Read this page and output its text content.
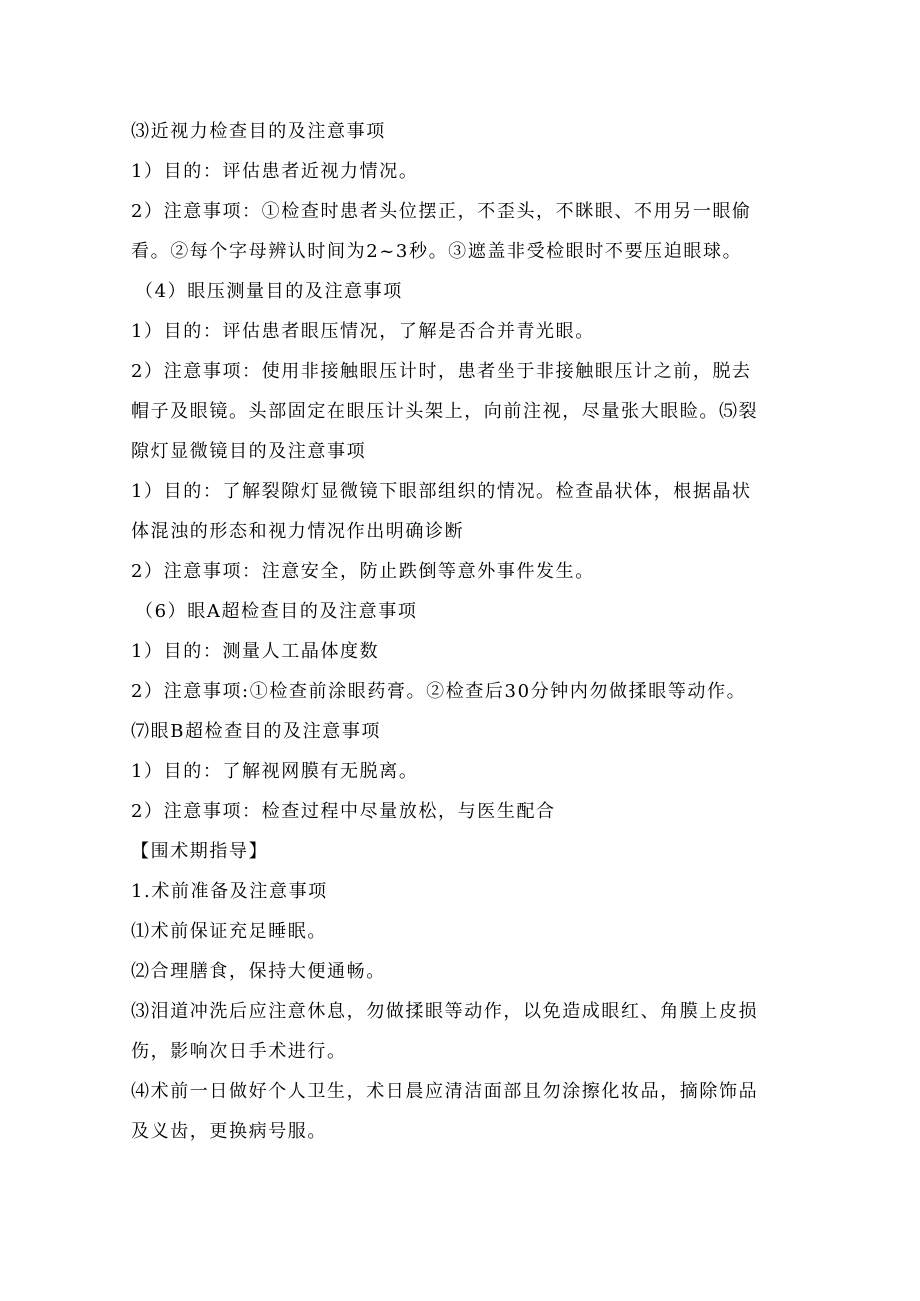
⑶近视力检查目的及注意事项
1）目的：评估患者近视力情况。
2）注意事项：①检查时患者头位摆正，不歪头，不眯眼、不用另一眼偷
看。②每个字母辨认时间为2~3秒。③遮盖非受检眼时不要压迫眼球。
（4）眼压测量目的及注意事项
1）目的：评估患者眼压情况，了解是否合并青光眼。
2）注意事项：使用非接触眼压计时，患者坐于非接触眼压计之前，脱去
帽子及眼镜。头部固定在眼压计头架上，向前注视，尽量张大眼睑。⑸裂
隙灯显微镜目的及注意事项
1）目的：了解裂隙灯显微镜下眼部组织的情况。检查晶状体，根据晶状
体混浊的形态和视力情况作出明确诊断
2）注意事项：注意安全，防止跌倒等意外事件发生。
（6）眼A超检查目的及注意事项
1）目的：测量人工晶体度数
2）注意事项:①检查前涂眼药膏。②检查后30分钟内勿做揉眼等动作。
⑺眼B超检查目的及注意事项
1）目的：了解视网膜有无脱离。
2）注意事项：检查过程中尽量放松，与医生配合
【围术期指导】
1.术前准备及注意事项
⑴术前保证充足睡眠。
⑵合理膳食，保持大便通畅。
⑶泪道冲洗后应注意休息，勿做揉眼等动作，以免造成眼红、角膜上皮损
伤，影响次日手术进行。
⑷术前一日做好个人卫生，术日晨应清洁面部且勿涂擦化妆品，摘除饰品
及义齿，更换病号服。
